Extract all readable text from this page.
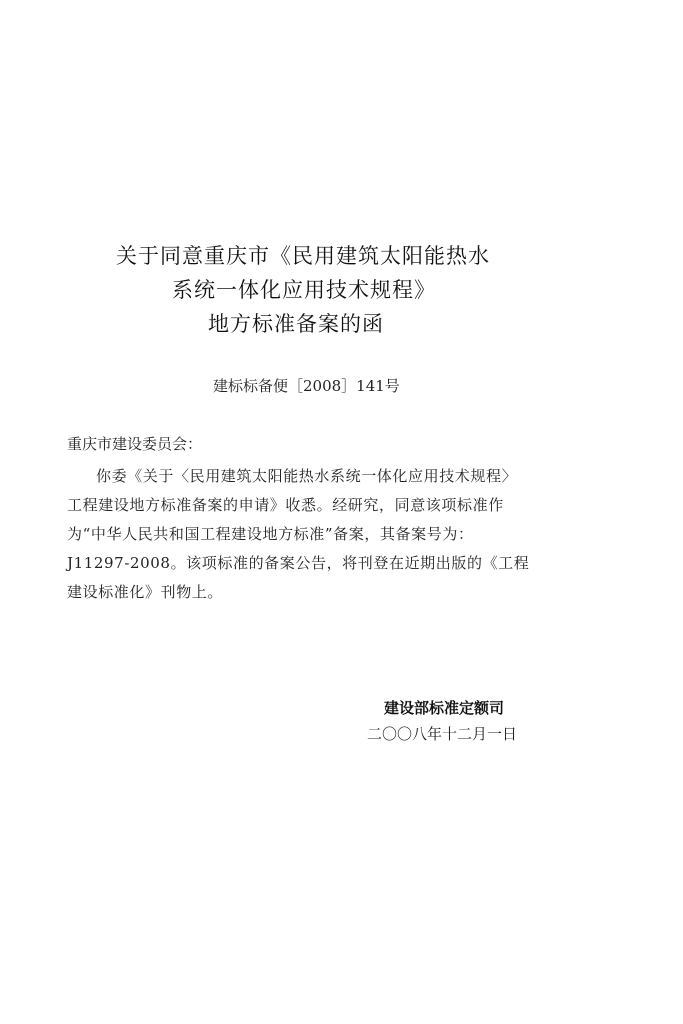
关于同意重庆市《民用建筑太阳能热水
系统一体化应用技术规程》
地方标准备案的函
建标标备便［2008］141号
重庆市建设委员会：
你委《关于〈民用建筑太阳能热水系统一体化应用技术规程〉
工程建设地方标准备案的申请》收悉。经研究，同意该项标准作
为“中华人民共和国工程建设地方标准”备案，其备案号为：
J11297-2008。该项标准的备案公告，将刊登在近期出版的《工程
建设标准化》刊物上。
建设部标准定额司
二〇〇八年十二月一日
